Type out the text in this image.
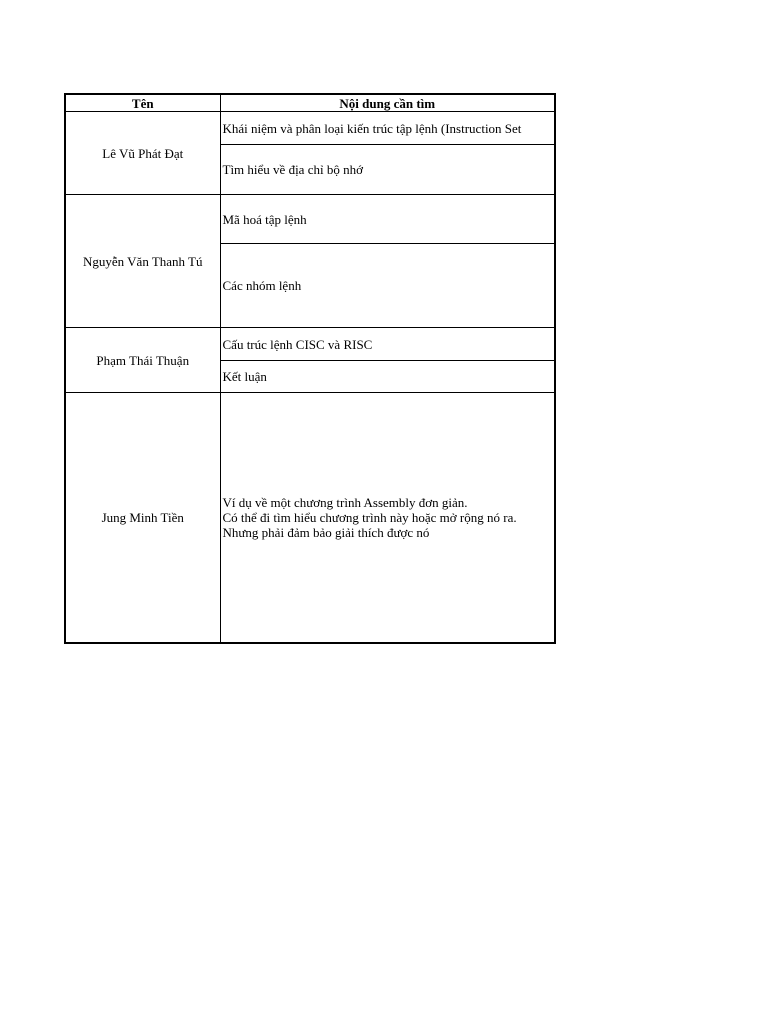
Tên	Nội dung cần tìm
Lê Vũ Phát Đạt	Khái niệm và phân loại kiến trúc tập lệnh (Instruction Set
	Tìm hiểu về địa chỉ bộ nhớ
Nguyễn Văn Thanh Tú	Mã hoá tập lệnh
	Các nhóm lệnh
Phạm Thái Thuận	Cấu trúc lệnh CISC và RISC
	Kết luận
Jung Minh Tiền	Ví dụ về một chương trình Assembly đơn giản.
Có thể đi tìm hiểu chương trình này hoặc mở rộng nó ra.
Nhưng phải đảm bảo giải thích được nó
